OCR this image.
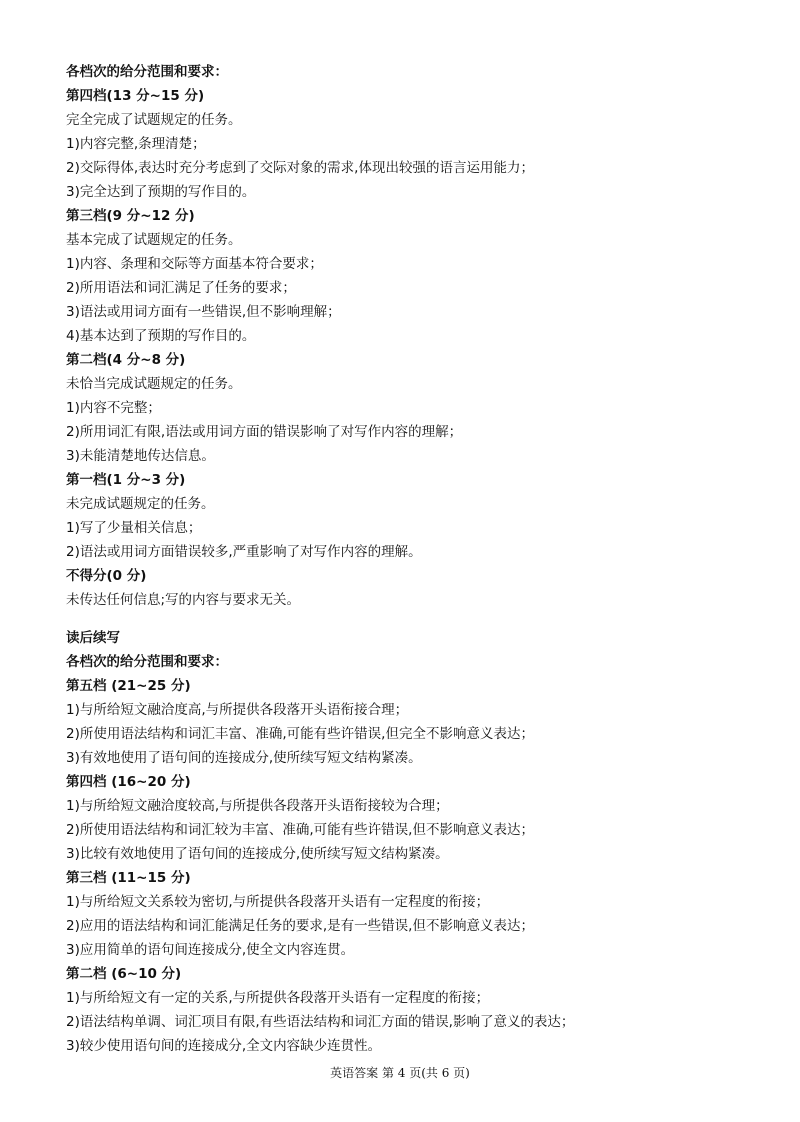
各档次的给分范围和要求：
第四档(13 分~15 分)
完全完成了试题规定的任务。
1)内容完整,条理清楚；
2)交际得体,表达时充分考虑到了交际对象的需求,体现出较强的语言运用能力；
3)完全达到了预期的写作目的。
第三档(9 分~12 分)
基本完成了试题规定的任务。
1)内容、条理和交际等方面基本符合要求；
2)所用语法和词汇满足了任务的要求；
3)语法或用词方面有一些错误,但不影响理解；
4)基本达到了预期的写作目的。
第二档(4 分~8 分)
未恰当完成试题规定的任务。
1)内容不完整；
2)所用词汇有限,语法或用词方面的错误影响了对写作内容的理解；
3)未能清楚地传达信息。
第一档(1 分~3 分)
未完成试题规定的任务。
1)写了少量相关信息；
2)语法或用词方面错误较多,严重影响了对写作内容的理解。
不得分(0 分)
未传达任何信息;写的内容与要求无关。
读后续写
各档次的给分范围和要求：
第五档 (21~25 分)
1)与所给短文融洽度高,与所提供各段落开头语衔接合理；
2)所使用语法结构和词汇丰富、准确,可能有些许错误,但完全不影响意义表达；
3)有效地使用了语句间的连接成分,使所续写短文结构紧凑。
第四档 (16~20 分)
1)与所给短文融洽度较高,与所提供各段落开头语衔接较为合理；
2)所使用语法结构和词汇较为丰富、准确,可能有些许错误,但不影响意义表达；
3)比较有效地使用了语句间的连接成分,使所续写短文结构紧凑。
第三档 (11~15 分)
1)与所给短文关系较为密切,与所提供各段落开头语有一定程度的衔接；
2)应用的语法结构和词汇能满足任务的要求,是有一些错误,但不影响意义表达；
3)应用简单的语句间连接成分,使全文内容连贯。
第二档 (6~10 分)
1)与所给短文有一定的关系,与所提供各段落开头语有一定程度的衔接；
2)语法结构单调、词汇项目有限,有些语法结构和词汇方面的错误,影响了意义的表达；
3)较少使用语句间的连接成分,全文内容缺少连贯性。
英语答案 第 4 页(共 6 页)
